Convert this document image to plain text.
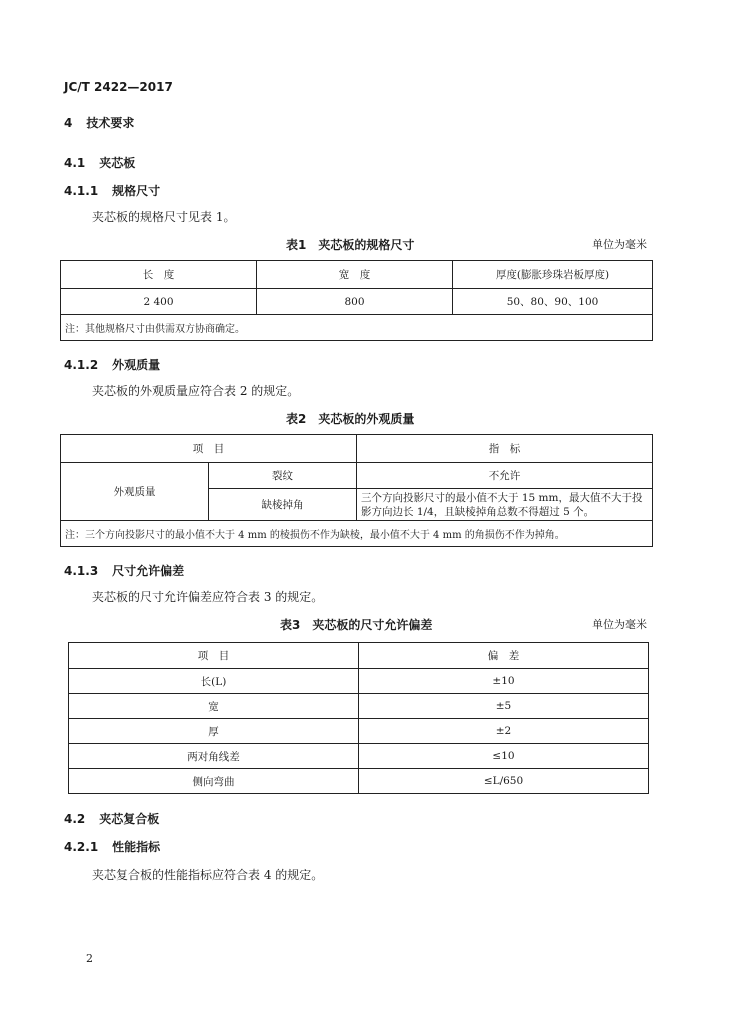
JC/T 2422—2017
4 技术要求
4.1 夹芯板
4.1.1 规格尺寸
夹芯板的规格尺寸见表 1。
表1　夹芯板的规格尺寸	单位为毫米
长　度	宽　度	厚度(膨胀珍珠岩板厚度)
2 400	800	50、80、90、100
注：其他规格尺寸由供需双方协商确定。		
4.1.2 外观质量
夹芯板的外观质量应符合表 2 的规定。
表2　夹芯板的外观质量
项　目		指　标
外观质量	裂纹	不允许
	缺棱掉角	三个方向投影尺寸的最小值不大于 15 mm，最大值不大于投影方向边长 1/4，且缺棱掉角总数不得超过 5 个。
注：三个方向投影尺寸的最小值不大于 4 mm 的棱损伤不作为缺棱，最小值不大于 4 mm 的角损伤不作为掉角。		
4.1.3 尺寸允许偏差
夹芯板的尺寸允许偏差应符合表 3 的规定。
表3　夹芯板的尺寸允许偏差	单位为毫米
项　目	偏　差
长(L)	±10
宽	±5
厚	±2
两对角线差	≤10
侧向弯曲	≤L/650
4.2 夹芯复合板
4.2.1 性能指标
夹芯复合板的性能指标应符合表 4 的规定。
2
